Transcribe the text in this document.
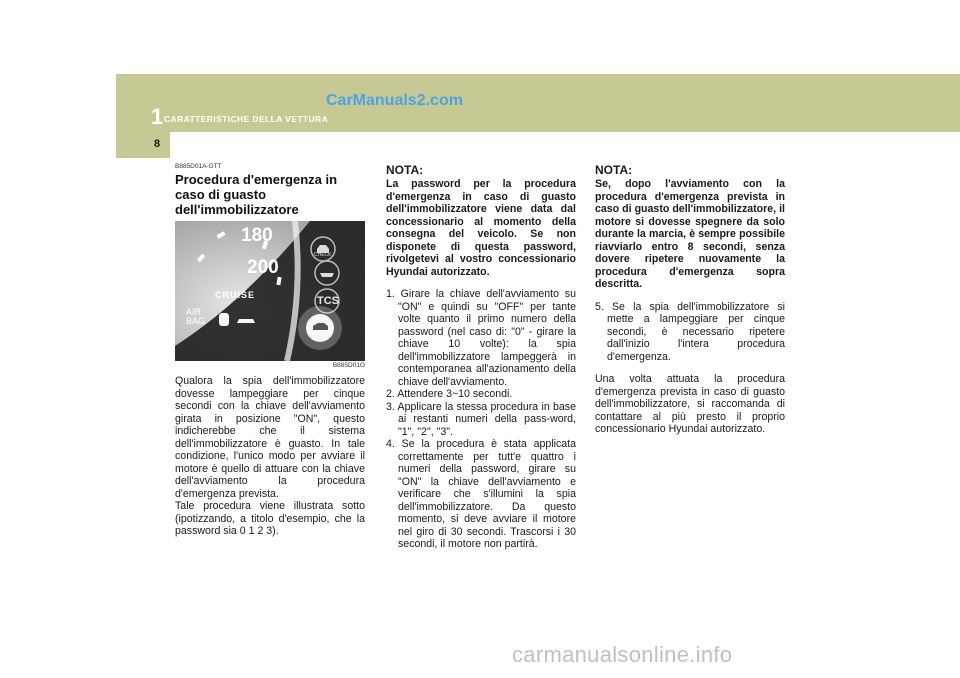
1 CARATTERISTICHE DELLA VETTURA
CarManuals2.com
8
B885D01A-GTT
Procedura d'emergenza in caso di guasto dell'immobilizzatore
180
200
CRUISE
AIR
BAG
CHECK
TCS
B885D01O

Qualora la spia dell'immobilizzatore dovesse lampeggiare per cinque secondi con la chiave dell'avviamento girata in posizione "ON", questo indicherebbe che il sistema dell'immobilizzatore è guasto. In tale condizione, l'unico modo per avviare il motore è quello di attuare con la chiave dell'avviamento la procedura d'emergenza prevista.

Tale procedura viene illustrata sotto (ipotizzando, a titolo d'esempio, che la password sia 0 1 2 3).

NOTA:
La password per la procedura d'emergenza in caso di guasto dell'immobilizzatore viene data dal concessionario al momento della consegna del veicolo. Se non disponete di questa password, rivolgetevi al vostro concessionario Hyundai autorizzato.
1. Girare la chiave dell'avviamento su "ON" e quindi su "OFF" per tante volte quanto il primo numero della password (nel caso di: "0" - girare la chiave 10 volte): la spia dell'immobilizzatore lampeggerà in contemporanea all'azionamento della chiave dell'avviamento.
2. Attendere 3~10 secondi.
3. Applicare la stessa procedura in base ai restanti numeri della pass-word, "1", "2", "3".
4. Se la procedura è stata applicata correttamente per tutt'e quattro i numeri della password, girare su "ON" la chiave dell'avviamento e verificare che s'illumini la spia dell'immobilizzatore. Da questo momento, si deve avviare il motore nel giro di 30 secondi. Trascorsi i 30 secondi, il motore non partirà.
NOTA:
Se, dopo l'avviamento con la procedura d'emergenza prevista in caso di guasto dell'immobilizzatore, il motore si dovesse spegnere da solo durante la marcia, è sempre possibile riavviarlo entro 8 secondi, senza dovere ripetere nuovamente la procedura d'emergenza sopra descritta.
5. Se la spia dell'immobilizzatore si mette a lampeggiare per cinque secondi, è necessario ripetere dall'inizio l'intera procedura d'emergenza.

Una volta attuata la procedura d'emergenza prevista in caso di guasto dell'immobilizzatore, si raccomanda di contattare al più presto il proprio concessionario Hyundai autorizzato.

carmanualsonline.info
